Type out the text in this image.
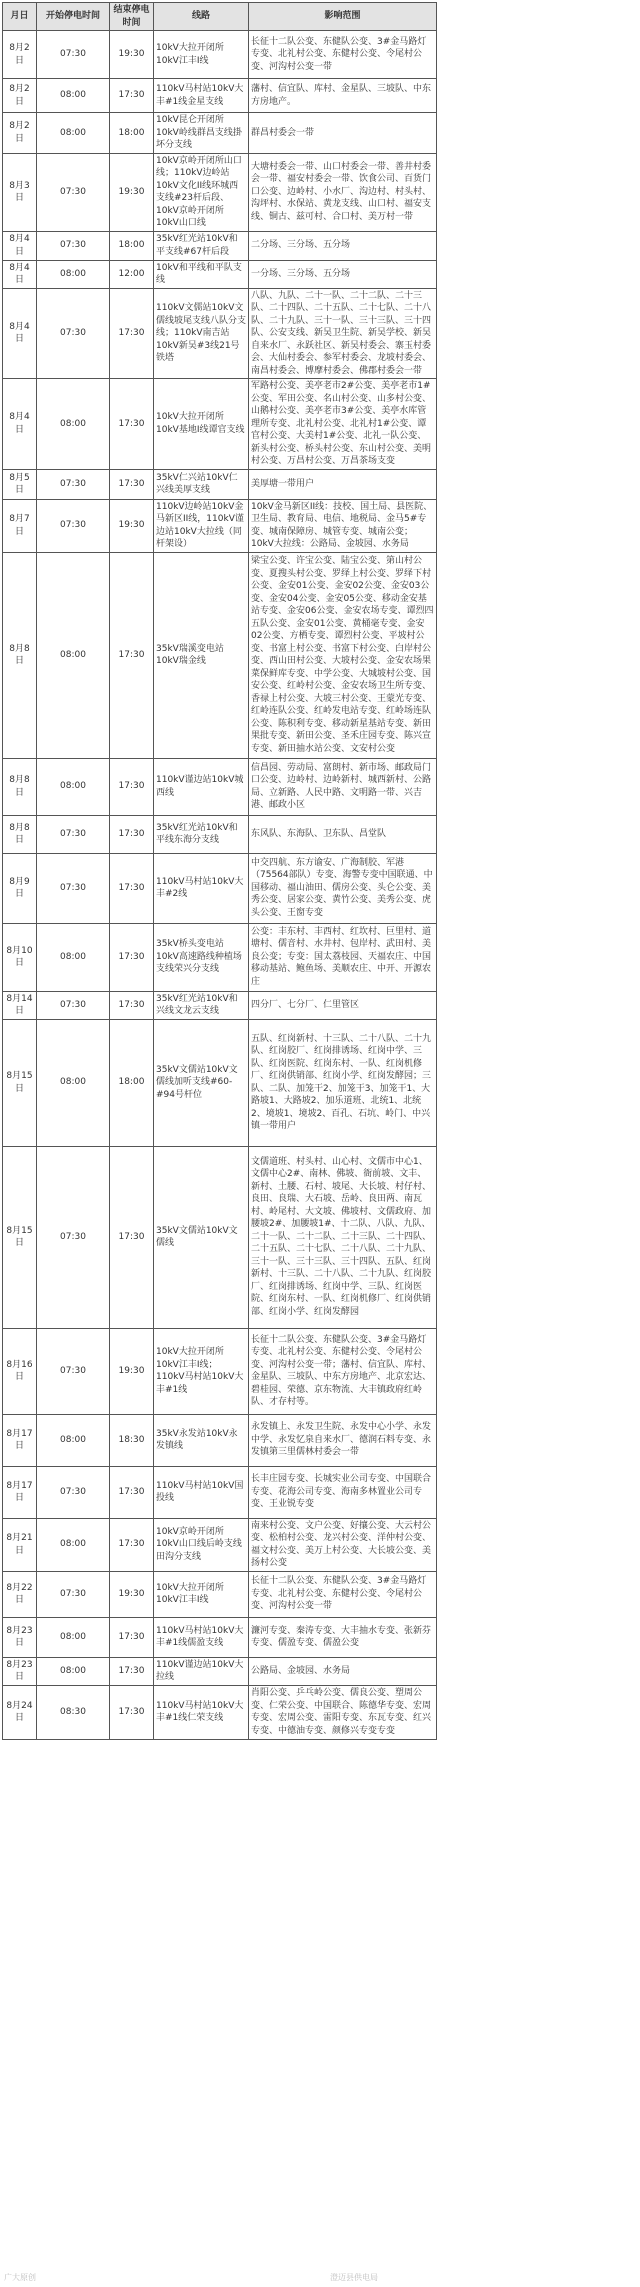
月日	开始停电时间	结束停电时间	线路	影响范围
8月2日	07:30	19:30	10kV大拉开闭所10kV江丰I线	长征十二队公变、东健队公变、3#金马路灯专变、北礼村公变、东健村公变、令尾村公变、河沟村公变一带
8月2日	08:00	17:30	110kV马村站10kV大丰#1线金星支线	藩村、信宜队、库村、金星队、三坡队、中东方房地产。
8月2日	08:00	18:00	10kV昆仑开闭所10kV岭线群昌支线掛坏分支线	群昌村委会一带
8月3日	07:30	19:30	10kV京岭开闭所山口线；110kV边岭站10kV文化II线环城西支线#23杆后段、10kV京岭开闭所10kV山口线	大塘村委会一带、山口村委会一带、善井村委会一带、福安村委会一带、饮食公司、百货门口公变、边岭村、小水厂、沟边村、村头村、沟坪村、水保站、黄龙支线、山口村、福安支线、铜古、兹可村、合口村、美万村一带
8月4日	07:30	18:00	35kV红光站10kV和平支线#67杆后段	二分场、三分场、五分场
8月4日	08:00	12:00	10kV和平线和平队支线	一分场、三分场、五分场
8月4日	07:30	17:30	110kV文儒站10kV文儒线坡尾支线八队分支线；110kV南吉站10kV新吴#3线21号铁塔	八队、九队、二十一队、二十二队、二十三队、二十四队、二十五队、二十七队、二十八队、二十九队、三十一队、三十三队、三十四队、公安支线、新吴卫生院、新吴学校、新吴自来水厂、永跃社区、新吴村委会、寨玉村委会、大仙村委会、参军村委会、龙坡村委会、南昌村委会、博摩村委会、佛郡村委会一带
8月4日	08:00	17:30	10kV大拉开闭所10kV基地I线谭官支线	军路村公变、美亭老市2#公变、美亭老市1#公变、军田公变、名山村公变、山多村公变、山鹅村公变、美亭老市3#公变、美亭水库管理所专变、北礼村公变、北礼村1#公变、谭官村公变、大美村1#公变、北礼一队公变、新头村公变、桥头村公变、东山村公变、美明村公变、万昌村公变、万昌茶场支变
8月5日	07:30	17:30	35kV仁兴站10kV仁兴线美厚支线	美厚塘一带用户
8月7日	07:30	19:30	110kV边岭站10kV金马新区II线，110kV谨边站10kV大拉线（同杆架设）	10kV金马新区II线：技校、国土局、县医院、卫生局、教育局、电信、地税局、金马5#专变、城南保障房、城管专变、城南公变；10kV大拉线：公路局、金坡园、水务局
8月8日	08:00	17:30	35kV瑞溪变电站10kV瑞金线	梁宝公变、许宝公变、陆宝公变、第山村公变、夏搜头村公变、罗绎上村公变、罗绎下村公变、金安01公变、金安02公变、金安03公变、金安04公变、金安05公变、移动金安基站专变、金安06公变、金安农场专变、谭烈四五队公变、金安01公变、黄桶毫专变、金安02公变、方栖专变、谭烈村公变、平坡村公变、书富上村公变、书富下村公变、白岸村公变、西山田村公变、大坡村公变、金安农场果菜保鲜库专变、中学公变、大城坡村公变、国安公变、红岭村公变、金安农场卫生所专变、香禄上村公变、大坡三村公变、王蒙光专变、红岭连队公变、红岭发电站专变、红岭场连队公变、陈积利专变、移动新星基站专变、新田果批专变、新田公变、圣禾庄园专变、陈兴宣专变、新田抽水站公变、文安村公变
8月8日	08:00	17:30	110kV谨边站10kV城西线	信昌园、劳动局、富朗村、新市场、邮政局门口公变、边岭村、边岭新村、城西新村、公路局、立新路、人民中路、文明路一带、兴吉港、邮政小区
8月8日	07:30	17:30	35kV红光站10kV和平线东海分支线	东风队、东海队、卫东队、昌堂队
8月9日	07:30	17:30	110kV马村站10kV大丰#2线	中交四航、东方谕安、广海制胶、军港（75564部队）专变、海警专变中国联通、中国移动、福山油田、儒房公变、头仑公变、美秀公变、居家公变、黄竹公变、美秀公变、虎头公变、王窗专变
8月10日	08:00	17:30	35kV桥头变电站10kV高速路线种植场支线荣兴分支线	公变：丰东村、丰西村、红坎村、巨里村、道塘村、儒音村、水井村、包岸村、武田村、美良公变；专变：国太荔枝园、天福农庄、中国移动基站、鲍鱼场、美顺农庄、中开、开源农庄
8月14日	07:30	17:30	35kV红光站10kV和兴线文龙云支线	四分厂、七分厂、仁里管区
8月15日	08:00	18:00	35kV文儒站10kV文儒线加听支线#60-#94号杆位	五队、红岗新村、十三队、二十八队、二十九队、红岗胶厂、红岗排诱场、红岗中学、三队、红岗医院、红岗东村、一队、红岗机修厂、红岗供销部、红岗小学、红岗发酵园；三队、二队、加笼干2、加笼干3、加笼干1、大路坡1、大路坡2、加乐道班、北统1、北统2、境坡1、境坡2、百孔、石坑、岭门、中兴镇一带用户
8月15日	07:30	17:30	35kV文儒站10kV文儒线	文儒道班、村头村、山心村、文儒市中心1、文儒中心2#、南林、佛坡、衙前坡、文丰、新村、土腰、石村、坡尾、大长坡、村仔村、良田、良瑞、大石坡、岳岭、良田两、南瓦村、岭尾村、大文坡、佛坡村、文儒政府、加腰坡2#、加腰坡1#、十二队、八队、九队、二十一队、二十二队、二十三队、二十四队、二十五队、二十七队、二十八队、二十九队、三十一队、三十三队、三十四队、五队、红岗新村、十三队、二十八队、二十九队、红岗胶厂、红岗排诱场、红岗中学、三队、红岗医院、红岗东村、一队、红岗机修厂、红岗供销部、红岗小学、红岗发酵园
8月16日	07:30	19:30	10kV大拉开闭所10kV江丰I线；110kV马村站10kV大丰#1线	长征十二队公变、东健队公变、3#金马路灯专变、北礼村公变、东健村公变、令尾村公变、河沟村公变一带；藩村、信宜队、库村、金星队、三坡队、中东方房地产、北京宏达、碧桂园、荣德、京东物流、大丰镇政府红岭队、才存村等。
8月17日	08:00	18:30	35kV永发站10kV永发镇线	永发镇上、永发卫生院、永发中心小学、永发中学、永发忆泉自来水厂、德润石料专变、永发镇第三里儒林村委会一带
8月17日	07:30	17:30	110kV马村站10kV国投线	长丰庄园专变、长城实业公司专变、中国联合专变、花海公司专变、海南多林置业公司专变、王业锐专变
8月21日	08:00	17:30	10kV京岭开闭所10kV山口线后岭支线田沟分支线	南来村公变、文户公变、好攘公变、大云村公变、松柏村公变、龙兴村公变、洋仲村公变、福文村公变、美万上村公变、大长坡公变、美扬村公变
8月22日	07:30	19:30	10kV大拉开闭所10kV江丰I线	长征十二队公变、东健队公变、3#金马路灯专变、北礼村公变、东健村公变、令尾村公变、河沟村公变一带
8月23日	08:00	17:30	110kV马村站10kV大丰#1线儒盈支线	濂河专变、秦涛专变、大丰抽水专变、张新芬专变、儒盈专变、儒盈公变
8月23日	08:00	17:30	110kV谨边站10kV大拉线	公路局、金坡园、水务局
8月24日	08:30	17:30	110kV马村站10kV大丰#1线仁荣支线	肖阳公变、乒乓岭公变、儒良公变、塑周公变、仁荣公变、中国联合、陈德华专变、宏周专变、宏周公变、雷阳专变、东瓦专变、红兴专变、中德油专变、颜修兴专变专变
广大原创	澄迈县供电局
